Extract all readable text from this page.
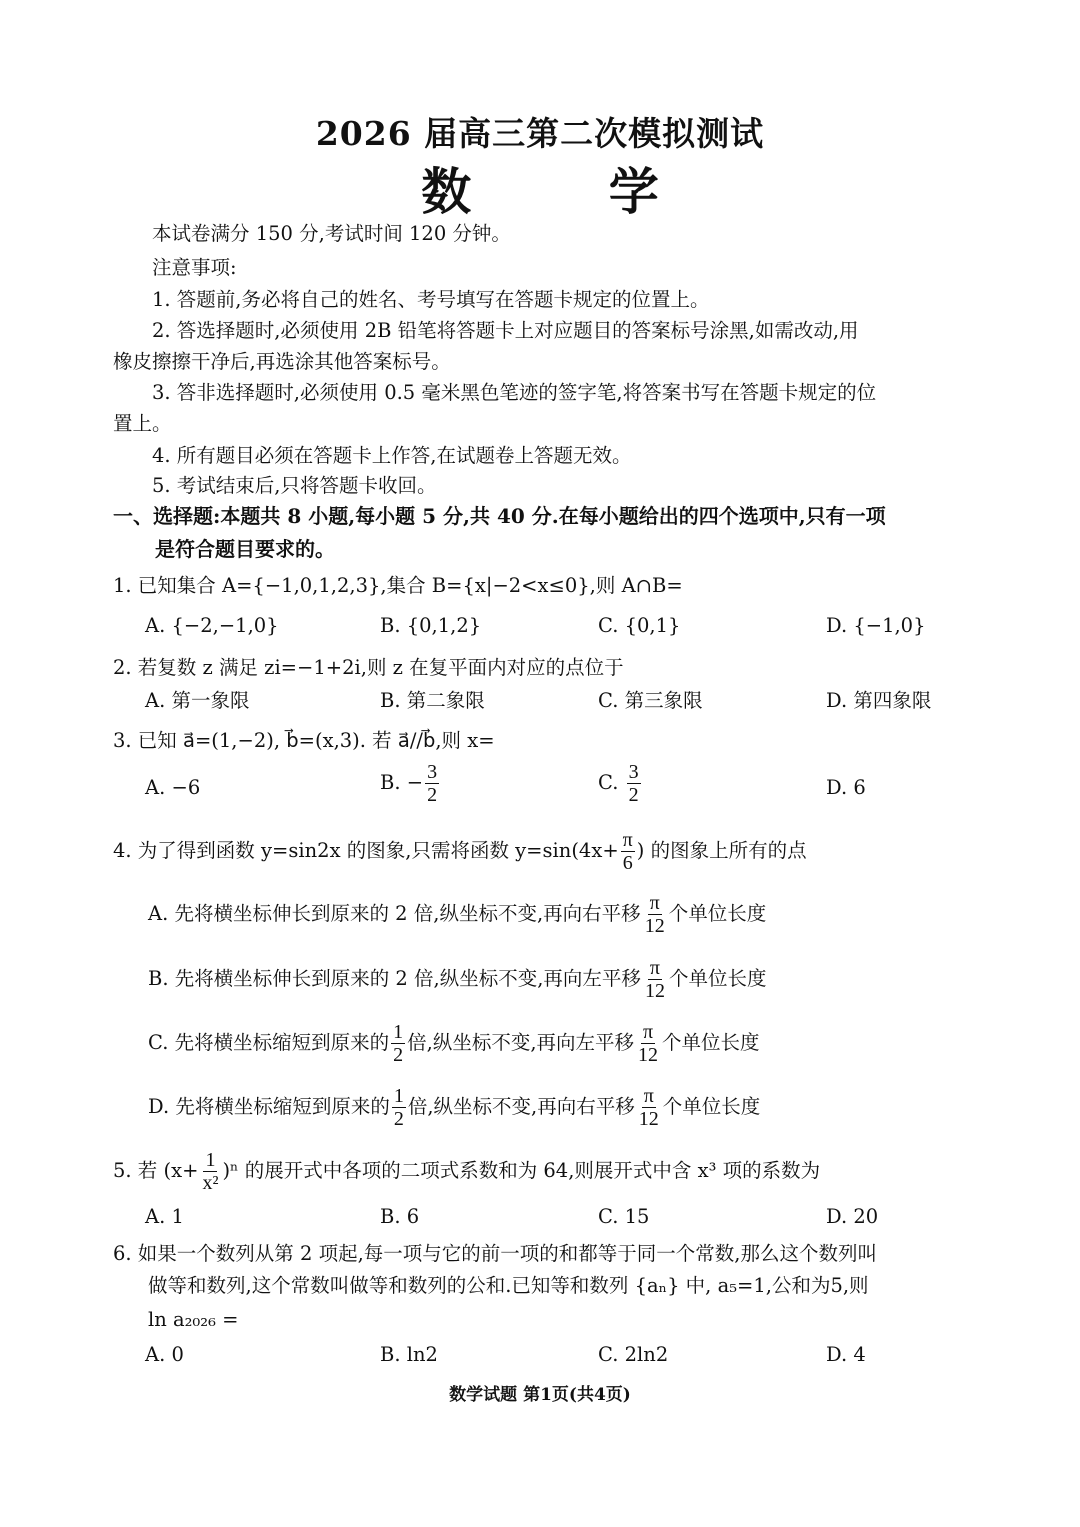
2026 届高三第二次模拟测试
数 学
本试卷满分 150 分,考试时间 120 分钟。
注意事项:
1. 答题前,务必将自己的姓名、考号填写在答题卡规定的位置上。
2. 答选择题时,必须使用 2B 铅笔将答题卡上对应题目的答案标号涂黑,如需改动,用
橡皮擦擦干净后,再选涂其他答案标号。
3. 答非选择题时,必须使用 0.5 毫米黑色笔迹的签字笔,将答案书写在答题卡规定的位
置上。
4. 所有题目必须在答题卡上作答,在试题卷上答题无效。
5. 考试结束后,只将答题卡收回。
一、选择题:本题共 8 小题,每小题 5 分,共 40 分.在每小题给出的四个选项中,只有一项
是符合题目要求的。
1. 已知集合 A={−1,0,1,2,3},集合 B={x|−2<x≤0},则 A∩B=
A. {−2,−1,0}	B. {0,1,2}	C. {0,1}	D. {−1,0}
2. 若复数 z 满足 zi=−1+2i,则 z 在复平面内对应的点位于
A. 第一象限	B. 第二象限	C. 第三象限	D. 第四象限
3. 已知 a⃗=(1,−2), b⃗=(x,3). 若 a⃗//b⃗,则 x=
A. −6	B. − $\frac{3}{2}$	C. $\frac{3}{2}$	D. 6
4. 为了得到函数 y=sin2x 的图象,只需将函数 $y=\sin(4x+ \frac{\pi}{6}$ ) 的图象上所有的点
A. 先将横坐标伸长到原来的 2 倍,纵坐标不变,再向右平移 $\frac{\pi}{12}$ 个单位长度
B. 先将横坐标伸长到原来的 2 倍,纵坐标不变,再向左平移 $\frac{\pi}{12}$ 个单位长度
C. 先将横坐标缩短到原来的 $\frac{1}{2}$ 倍,纵坐标不变,再向左平移 $\frac{\pi}{12}$ 个单位长度
D. 先将横坐标缩短到原来的 $\frac{1}{2}$ 倍,纵坐标不变,再向右平移 $\frac{\pi}{12}$ 个单位长度
5. 若 $(x+ \frac{1}{\text{x²}} )^n$ 的展开式中各项的二项式系数和为 64,则展开式中含 x³ 项的系数为
A. 1	B. 6	C. 15	D. 20
6. 如果一个数列从第 2 项起,每一项与它的前一项的和都等于同一个常数,那么这个数列叫
做等和数列,这个常数叫做等和数列的公和.已知等和数列 {aₙ} 中, a₅=1,公和为5,则
ln a₂₀₂₆ =
A. 0	B. ln2	C. 2ln2	D. 4
数学试题 第1页(共4页)
